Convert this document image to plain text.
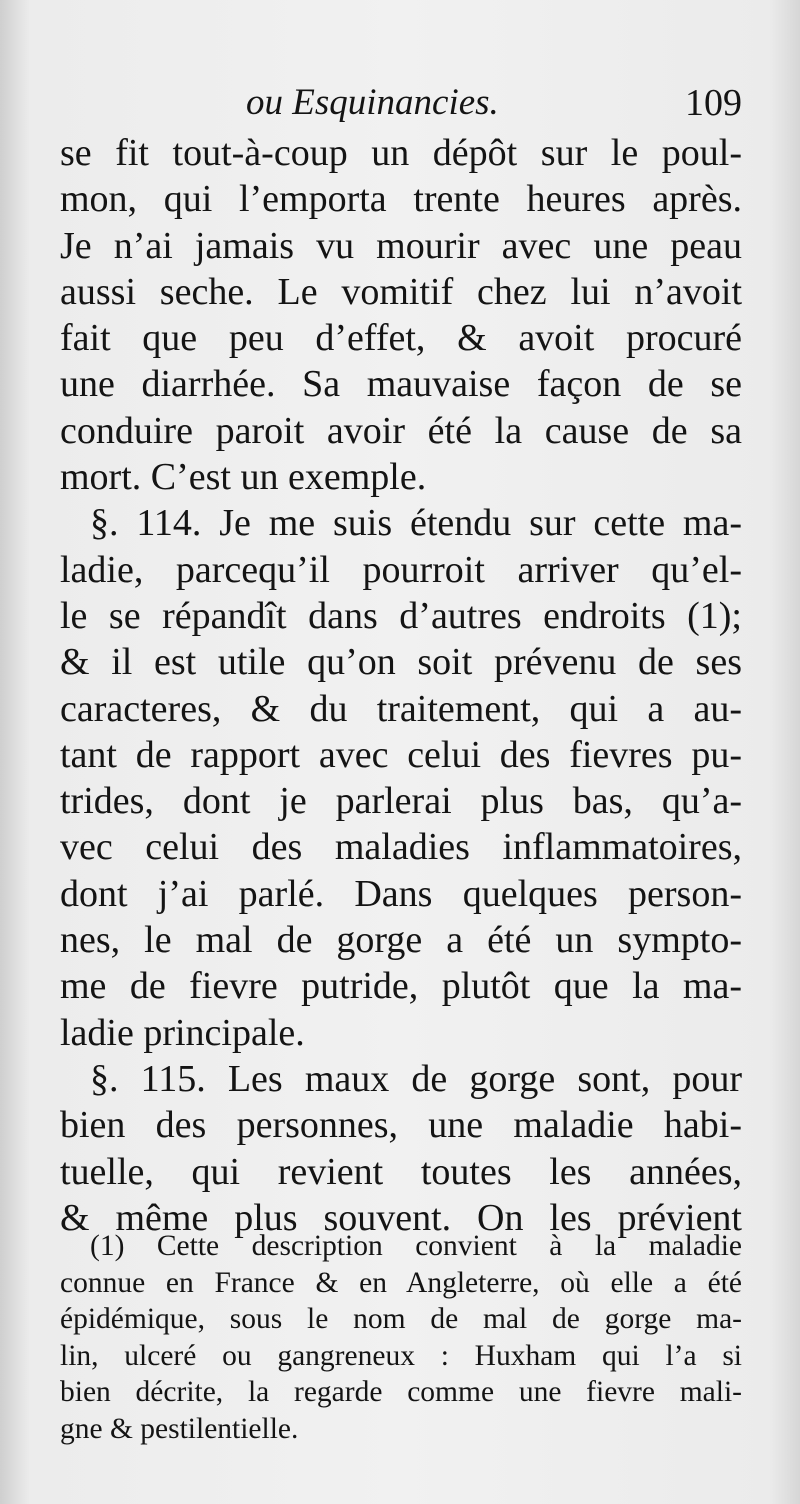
ou Esquinancies.	109
se fit tout-à-coup un dépôt sur le poul-
mon, qui l’emporta trente heures après.
Je n’ai jamais vu mourir avec une peau
aussi seche. Le vomitif chez lui n’avoit
fait que peu d’effet, & avoit procuré
une diarrhée. Sa mauvaise façon de se
conduire paroit avoir été la cause de sa
mort. C’est un exemple.
§. 114. Je me suis étendu sur cette ma-
ladie, parcequ’il pourroit arriver qu’el-
le se répandît dans d’autres endroits (1);
& il est utile qu’on soit prévenu de ses
caracteres, & du traitement, qui a au-
tant de rapport avec celui des fievres pu-
trides, dont je parlerai plus bas, qu’a-
vec celui des maladies inflammatoires,
dont j’ai parlé. Dans quelques person-
nes, le mal de gorge a été un sympto-
me de fievre putride, plutôt que la ma-
ladie principale.
§. 115. Les maux de gorge sont, pour
bien des personnes, une maladie habi-
tuelle, qui revient toutes les années,
& même plus souvent. On les prévient
(1) Cette description convient à la maladie
connue en France & en Angleterre, où elle a été
épidémique, sous le nom de mal de gorge ma-
lin, ulceré ou gangreneux : Huxham qui l’a si
bien décrite, la regarde comme une fievre mali-
gne & pestilentielle.
